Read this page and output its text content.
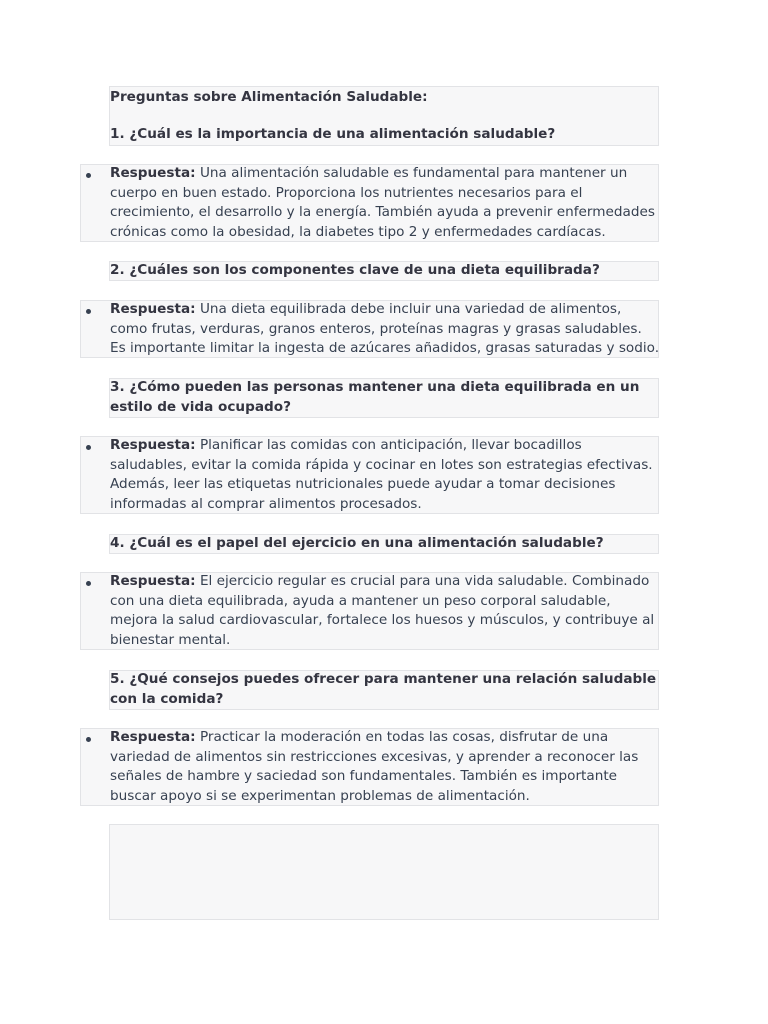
Preguntas sobre Alimentación Saludable:
1. ¿Cuál es la importancia de una alimentación saludable?
Respuesta: Una alimentación saludable es fundamental para mantener un cuerpo en buen estado. Proporciona los nutrientes necesarios para el crecimiento, el desarrollo y la energía. También ayuda a prevenir enfermedades crónicas como la obesidad, la diabetes tipo 2 y enfermedades cardíacas.
2. ¿Cuáles son los componentes clave de una dieta equilibrada?
Respuesta: Una dieta equilibrada debe incluir una variedad de alimentos, como frutas, verduras, granos enteros, proteínas magras y grasas saludables. Es importante limitar la ingesta de azúcares añadidos, grasas saturadas y sodio.
3. ¿Cómo pueden las personas mantener una dieta equilibrada en un estilo de vida ocupado?
Respuesta: Planificar las comidas con anticipación, llevar bocadillos saludables, evitar la comida rápida y cocinar en lotes son estrategias efectivas. Además, leer las etiquetas nutricionales puede ayudar a tomar decisiones informadas al comprar alimentos procesados.
4. ¿Cuál es el papel del ejercicio en una alimentación saludable?
Respuesta: El ejercicio regular es crucial para una vida saludable. Combinado con una dieta equilibrada, ayuda a mantener un peso corporal saludable, mejora la salud cardiovascular, fortalece los huesos y músculos, y contribuye al bienestar mental.
5. ¿Qué consejos puedes ofrecer para mantener una relación saludable con la comida?
Respuesta: Practicar la moderación en todas las cosas, disfrutar de una variedad de alimentos sin restricciones excesivas, y aprender a reconocer las señales de hambre y saciedad son fundamentales. También es importante buscar apoyo si se experimentan problemas de alimentación.
